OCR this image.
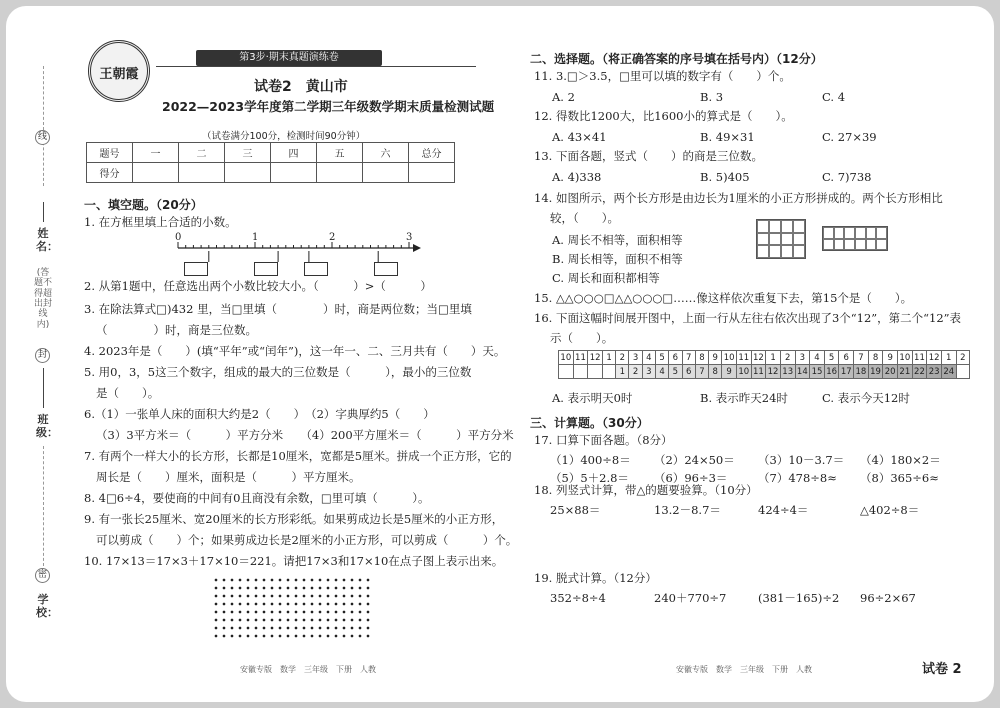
线
姓名：
(答题不得超出封线内)
封
班级：
密
学校：
王朝霞
第3步·期末真题演练卷
试卷2　黄山市
2022—2023学年度第二学期三年级数学期末质量检测试题
（试卷满分100分，检测时间90分钟）
题号	一	二	三	四	五	六	总分
得分							
一、填空题。（20分）
1. 在方框里填上合适的小数。
0	1	2	3
2. 从第1题中，任意选出两个小数比较大小。（　　　）>（　　　）
3. 在除法算式□)432 里，当□里填（　　　　）时，商是两位数；当□里填
（　　　　）时，商是三位数。
4. 2023年是（　　）(填“平年”或“闰年”)，这一年一、二、三月共有（　　）天。
5. 用0，3，5这三个数字，组成的最大的三位数是（　　　），最小的三位数
是（　　）。
6.（1）一张单人床的面积大约是2（　　）　（2）字典厚约5（　　）
（3）3平方米＝（　　　）平方分米　　（4）200平方厘米＝（　　　）平方分米
7. 有两个一样大小的长方形，长都是10厘米，宽都是5厘米。拼成一个正方形，它的
周长是（　　）厘米，面积是（　　　）平方厘米。
8. 4□6÷4，要使商的中间有0且商没有余数，□里可填（　　　）。
9. 有一张长25厘米、宽20厘米的长方形彩纸。如果剪成边长是5厘米的小正方形，
可以剪成（　　）个；如果剪成边长是2厘米的小正方形，可以剪成（　　　）个。
10. 17×13＝17×3＋17×10＝221。请把17×3和17×10在点子图上表示出来。
安徽专版　数学　三年级　下册　人教
二、选择题。（将正确答案的序号填在括号内）（12分）
11. 3.□＞3.5，□里可以填的数字有（　　）个。
A. 2	B. 3	C. 4
12. 得数比1200大，比1600小的算式是（　　）。
A. 43×41	B. 49×31	C. 27×39
13. 下面各题，竖式（　　）的商是三位数。
A. 4)338	B. 5)405	C. 7)738
14. 如图所示，两个长方形是由边长为1厘米的小正方形拼成的。两个长方形相比
较，（　　）。
A. 周长不相等，面积相等
B. 周长相等，面积不相等
C. 周长和面积都相等
15. △△○○○□△△○○○□……像这样依次重复下去，第15个是（　　）。
16. 下面这幅时间展开图中，上面一行从左往右依次出现了3个“12”，第二个“12”表
示（　　）。
10	11	12	1	2	3	4	5	6	7	8	9	10	11	12	1	2	3	4	5	6	7	8	9	10	11	12	1	2
				1	2	3	4	5	6	7	8	9	10	11	12	13	14	15	16	17	18	19	20	21	22	23	24	
A. 表示明天0时	B. 表示昨天24时	C. 表示今天12时
三、计算题。（30分）
17. 口算下面各题。（8分）
（1）400÷8＝ （2）24×50＝ （3）10－3.7＝ （4）180×2＝
（5）5＋2.8＝ （6）96÷3＝	（7）478÷8≈ （8）365÷6≈
18. 列竖式计算，带△的题要验算。（10分）
25×88＝	13.2－8.7＝	424÷4＝	△402÷8＝
19. 脱式计算。（12分）
352÷8÷4	240＋770÷7	(381－165)÷2 96÷2×67
安徽专版　数学　三年级　下册　人教	试卷 2
